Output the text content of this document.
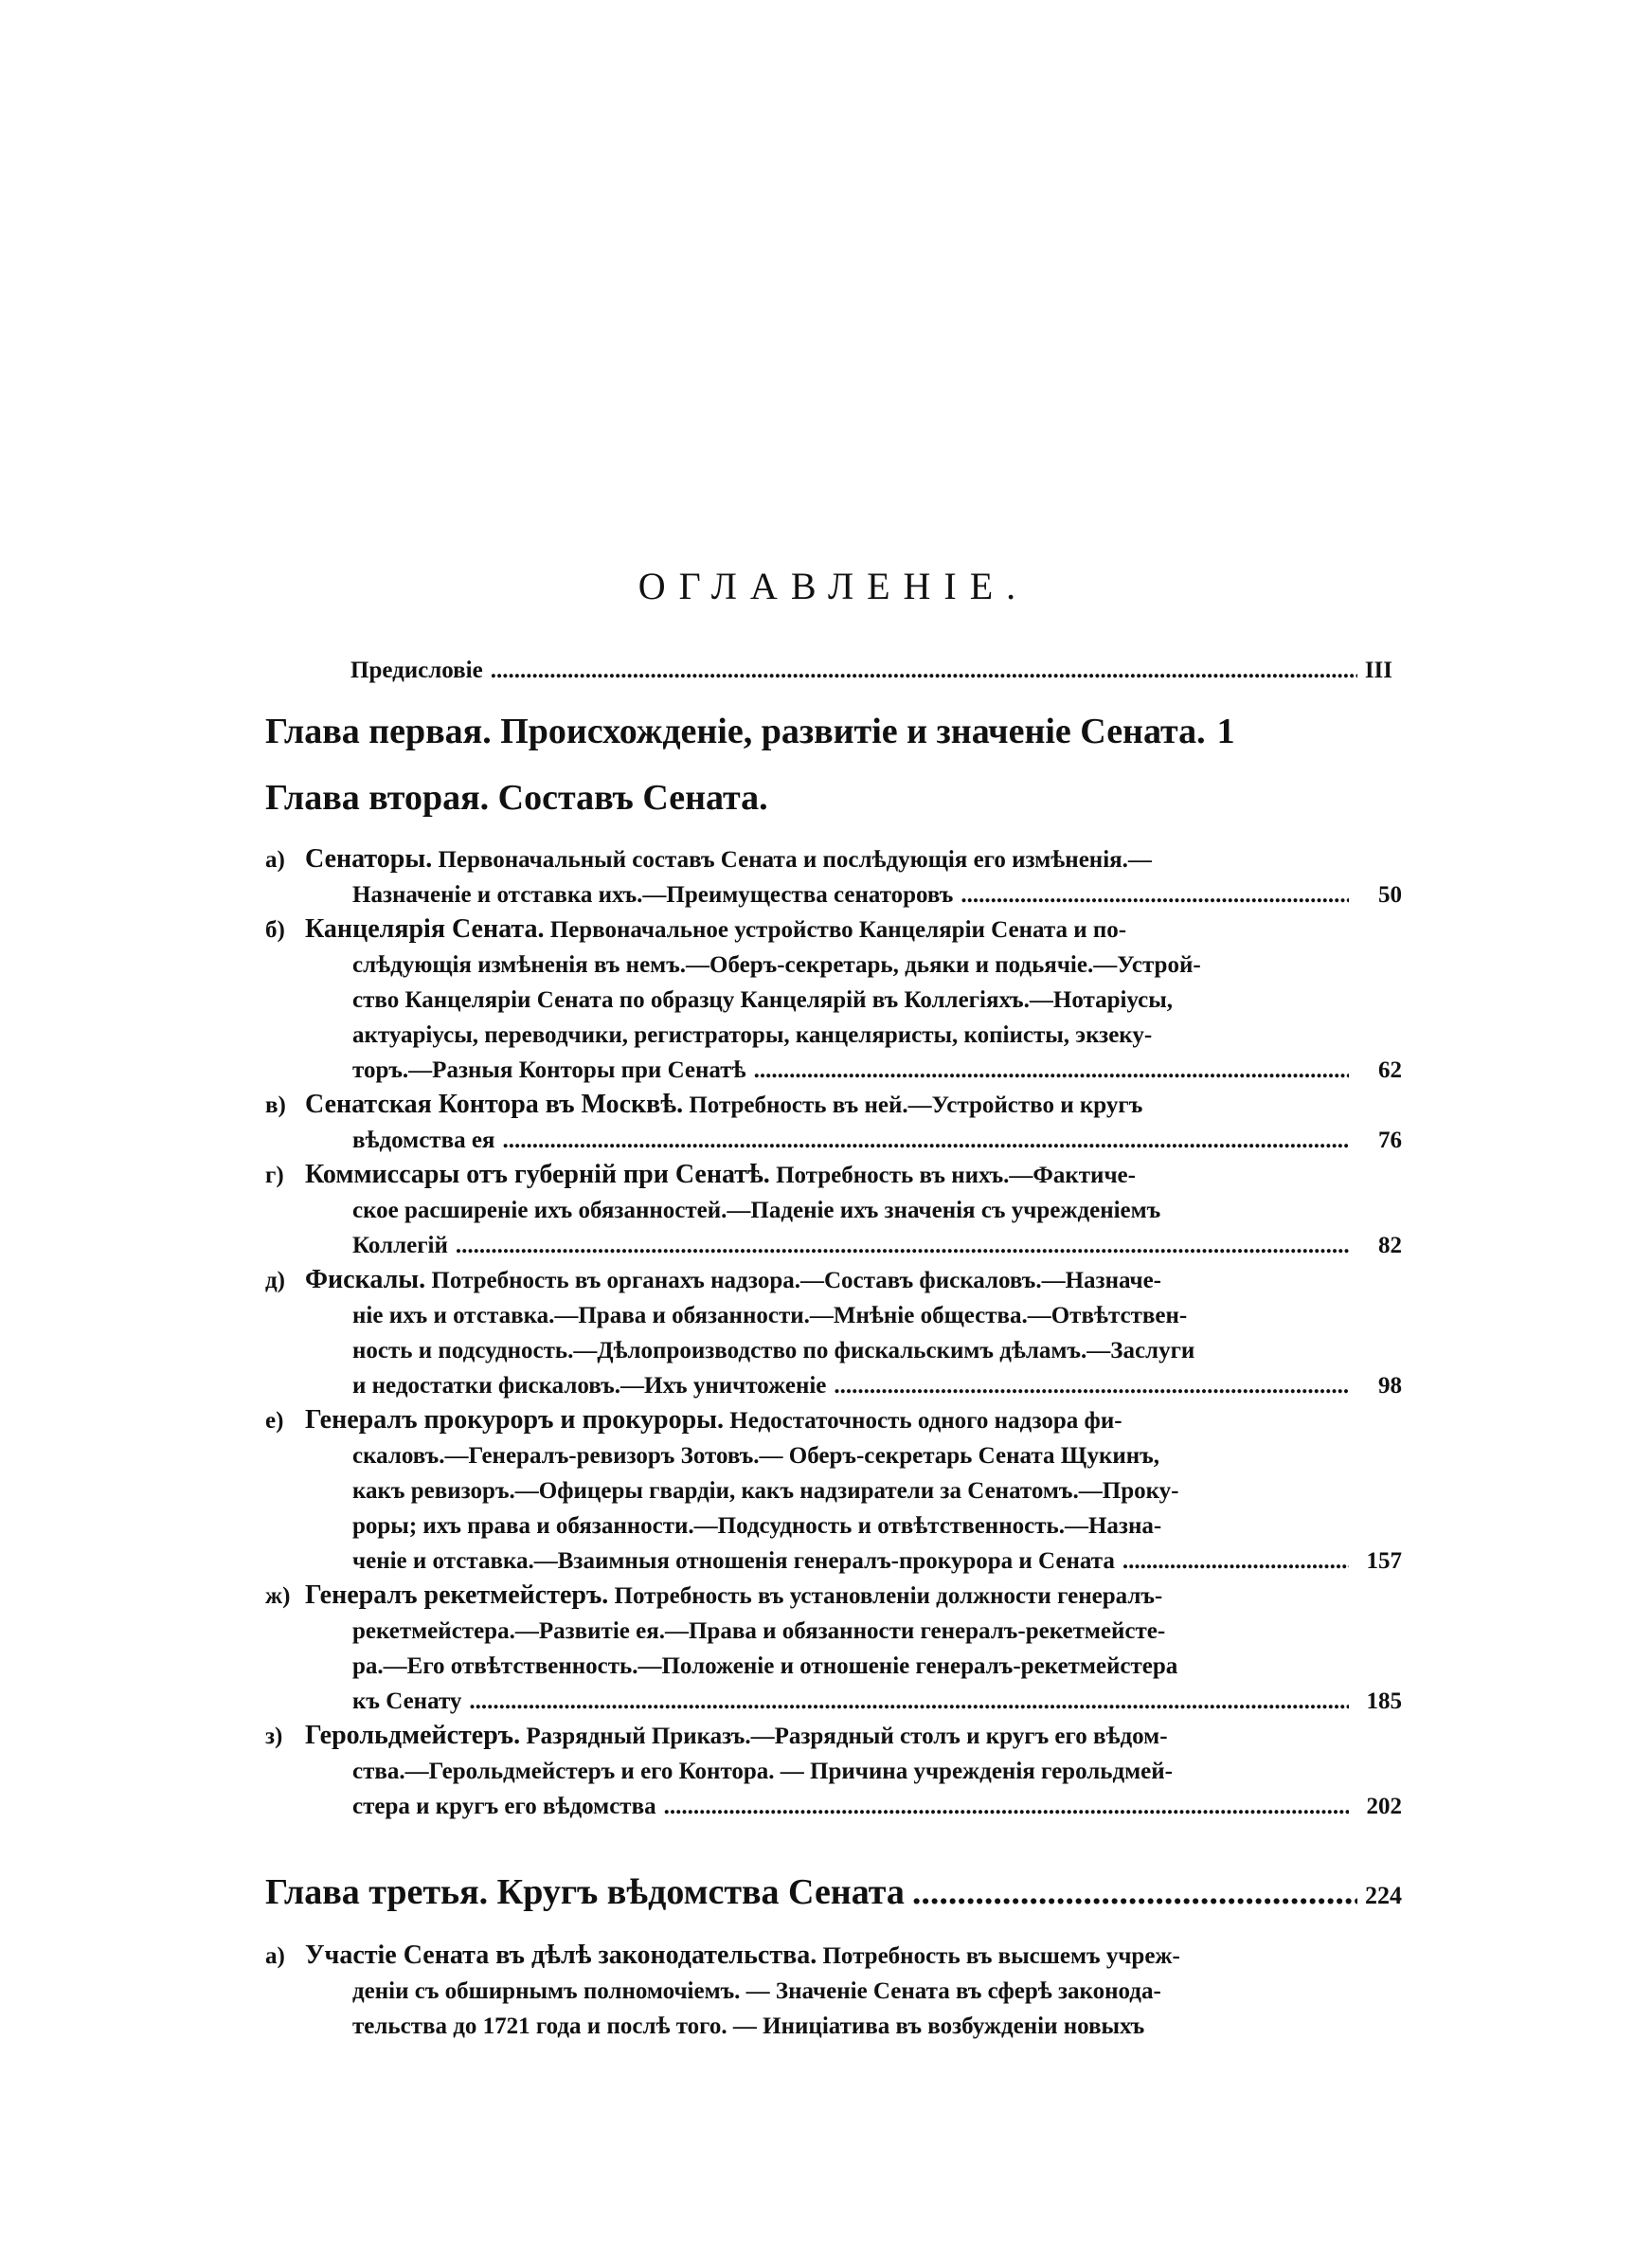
ОГЛАВЛЕНІЕ.
Предисловіе .....	III
Глава первая. Происхожденіе, развитіе и значеніе Сената. 1
Глава вторая. Составъ Сената.
а) Сенаторы.
Первоначальный составъ Сената и послѣдующія его измѣненія.—
Назначеніе и отставка ихъ.—Преимущества сенаторовъ .....	50
б) Канцелярія Сената.
Первоначальное устройство Канцеляріи Сената и по-
слѣдующія измѣненія въ немъ.—Оберъ-секретарь, дьяки и подьячіе.—Устрой-
ство Канцеляріи Сената по образцу Канцелярій въ Коллегіяхъ.—Нотаріусы,
актуаріусы, переводчики, регистраторы, канцеляристы, копіисты, экзеку-
торъ.—Разныя Конторы при Сенатѣ .....	62
в) Сенатская Контора въ Москвѣ.
Потребность въ ней.—Устройство и кругъ
вѣдомства ея .....	76
г) Коммиссары отъ губерній при Сенатѣ.
Потребность въ нихъ.—Фактиче-
ское расширеніе ихъ обязанностей.—Паденіе ихъ значенія съ учрежденіемъ
Коллегій .....	82
д) Фискалы.
Потребность въ органахъ надзора.—Составъ фискаловъ.—Назначе-
ніе ихъ и отставка.—Права и обязанности.—Мнѣніе общества.—Отвѣтствен-
ность и подсудность.—Дѣлопроизводство по фискальскимъ дѣламъ.—Заслуги
и недостатки фискаловъ.—Ихъ уничтоженіе .....	98
е) Генералъ прокуроръ и прокуроры.
Недостаточность одного надзора фи-
скаловъ.—Генералъ-ревизоръ Зотовъ.— Оберъ-секретарь Сената Щукинъ,
какъ ревизоръ.—Офицеры гвардіи, какъ надзиратели за Сенатомъ.—Проку-
роры; ихъ права и обязанности.—Подсудность и отвѣтственность.—Назна-
ченіе и отставка.—Взаимныя отношенія генералъ-прокурора и Сената .....	157
ж) Генералъ рекетмейстеръ.
Потребность въ установленіи должности генералъ-
рекетмейстера.—Развитіе ея.—Права и обязанности генералъ-рекетмейсте-
ра.—Его отвѣтственность.—Положеніе и отношеніе генералъ-рекетмейстера
къ Сенату .....	185
з) Герольдмейстеръ.
Разрядный Приказъ.—Разрядный столъ и кругъ его вѣдом-
ства.—Герольдмейстеръ и его Контора. — Причина учрежденія герольдмей-
стера и кругъ его вѣдомства .....	202
Глава третья. Кругъ вѣдомства Сената .....	224
а) Участіе Сената въ дѣлѣ законодательства.
Потребность въ высшемъ учреж-
деніи съ обширнымъ полномочіемъ. — Значеніе Сената въ сферѣ законода-
тельства до 1721 года и послѣ того. — Иниціатива въ возбужденіи новыхъ
